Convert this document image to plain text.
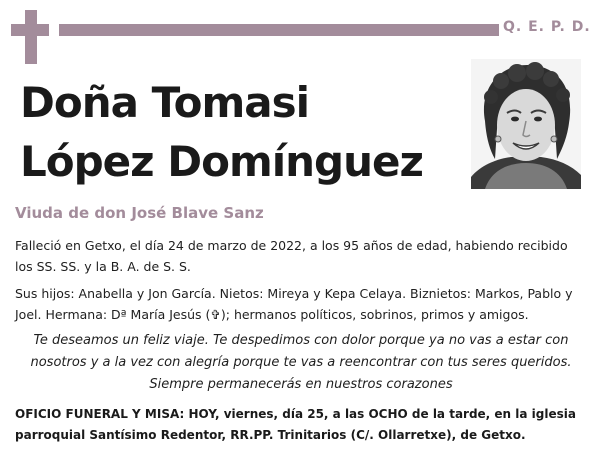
Q. E. P. D.
Doña Tomasi
López Domínguez
Viuda de don José Blave Sanz
Falleció en Getxo, el día 24 de marzo de 2022, a los 95 años de edad, habiendo recibido los SS. SS. y la B. A. de S. S.
Sus hijos: Anabella y Jon García. Nietos: Mireya y Kepa Celaya. Biznietos: Markos, Pablo y Joel. Hermana: Dª María Jesús (✞); hermanos políticos, sobrinos, primos y amigos.
Te deseamos un feliz viaje. Te despedimos con dolor porque ya no vas a estar con nosotros y a la vez con alegría porque te vas a reencontrar con tus seres queridos. Siempre permanecerás en nuestros corazones
OFICIO FUNERAL Y MISA: HOY, viernes, día 25, a las OCHO de la tarde, en la iglesia parroquial Santísimo Redentor, RR.PP. Trinitarios (C/. Ollarretxe), de Getxo.
